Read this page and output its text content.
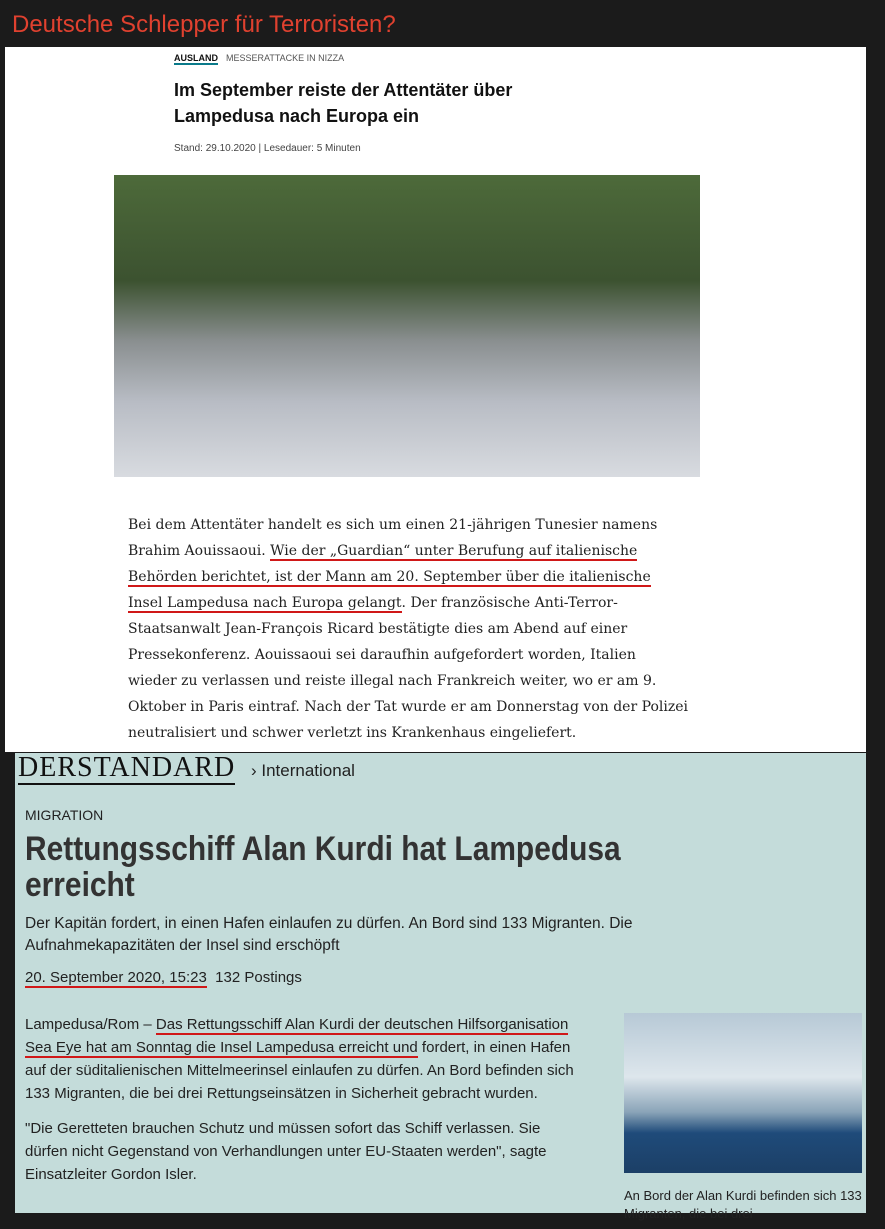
Deutsche Schlepper für Terroristen?
AUSLAND MESSERATTACKE IN NIZZA
Im September reiste der Attentäter über Lampedusa nach Europa ein
Stand: 29.10.2020 | Lesedauer: 5 Minuten
Bei dem Attentäter handelt es sich um einen 21-jährigen Tunesier namens Brahim Aouissaoui. Wie der „Guardian“ unter Berufung auf italienische Behörden berichtet, ist der Mann am 20. September über die italienische Insel Lampedusa nach Europa gelangt. Der französische Anti-Terror-Staatsanwalt Jean-François Ricard bestätigte dies am Abend auf einer Pressekonferenz. Aouissaoui sei daraufhin aufgefordert worden, Italien wieder zu verlassen und reiste illegal nach Frankreich weiter, wo er am 9. Oktober in Paris eintraf. Nach der Tat wurde er am Donnerstag von der Polizei neutralisiert und schwer verletzt ins Krankenhaus eingeliefert.
DERSTANDARD › International
MIGRATION
Rettungsschiff Alan Kurdi hat Lampedusa erreicht
Der Kapitän fordert, in einen Hafen einlaufen zu dürfen. An Bord sind 133 Migranten. Die Aufnahmekapazitäten der Insel sind erschöpft
20. September 2020, 15:23 132 Postings
Lampedusa/Rom – Das Rettungsschiff Alan Kurdi der deutschen Hilfsorganisation Sea Eye hat am Sonntag die Insel Lampedusa erreicht und fordert, in einen Hafen auf der süditalienischen Mittelmeerinsel einlaufen zu dürfen. An Bord befinden sich 133 Migranten, die bei drei Rettungseinsätzen in Sicherheit gebracht wurden.

"Die Geretteten brauchen Schutz und müssen sofort das Schiff verlassen. Sie dürfen nicht Gegenstand von Verhandlungen unter EU-Staaten werden", sagte Einsatzleiter Gordon Isler.

An Bord der Alan Kurdi befinden sich 133 Migranten, die bei drei
